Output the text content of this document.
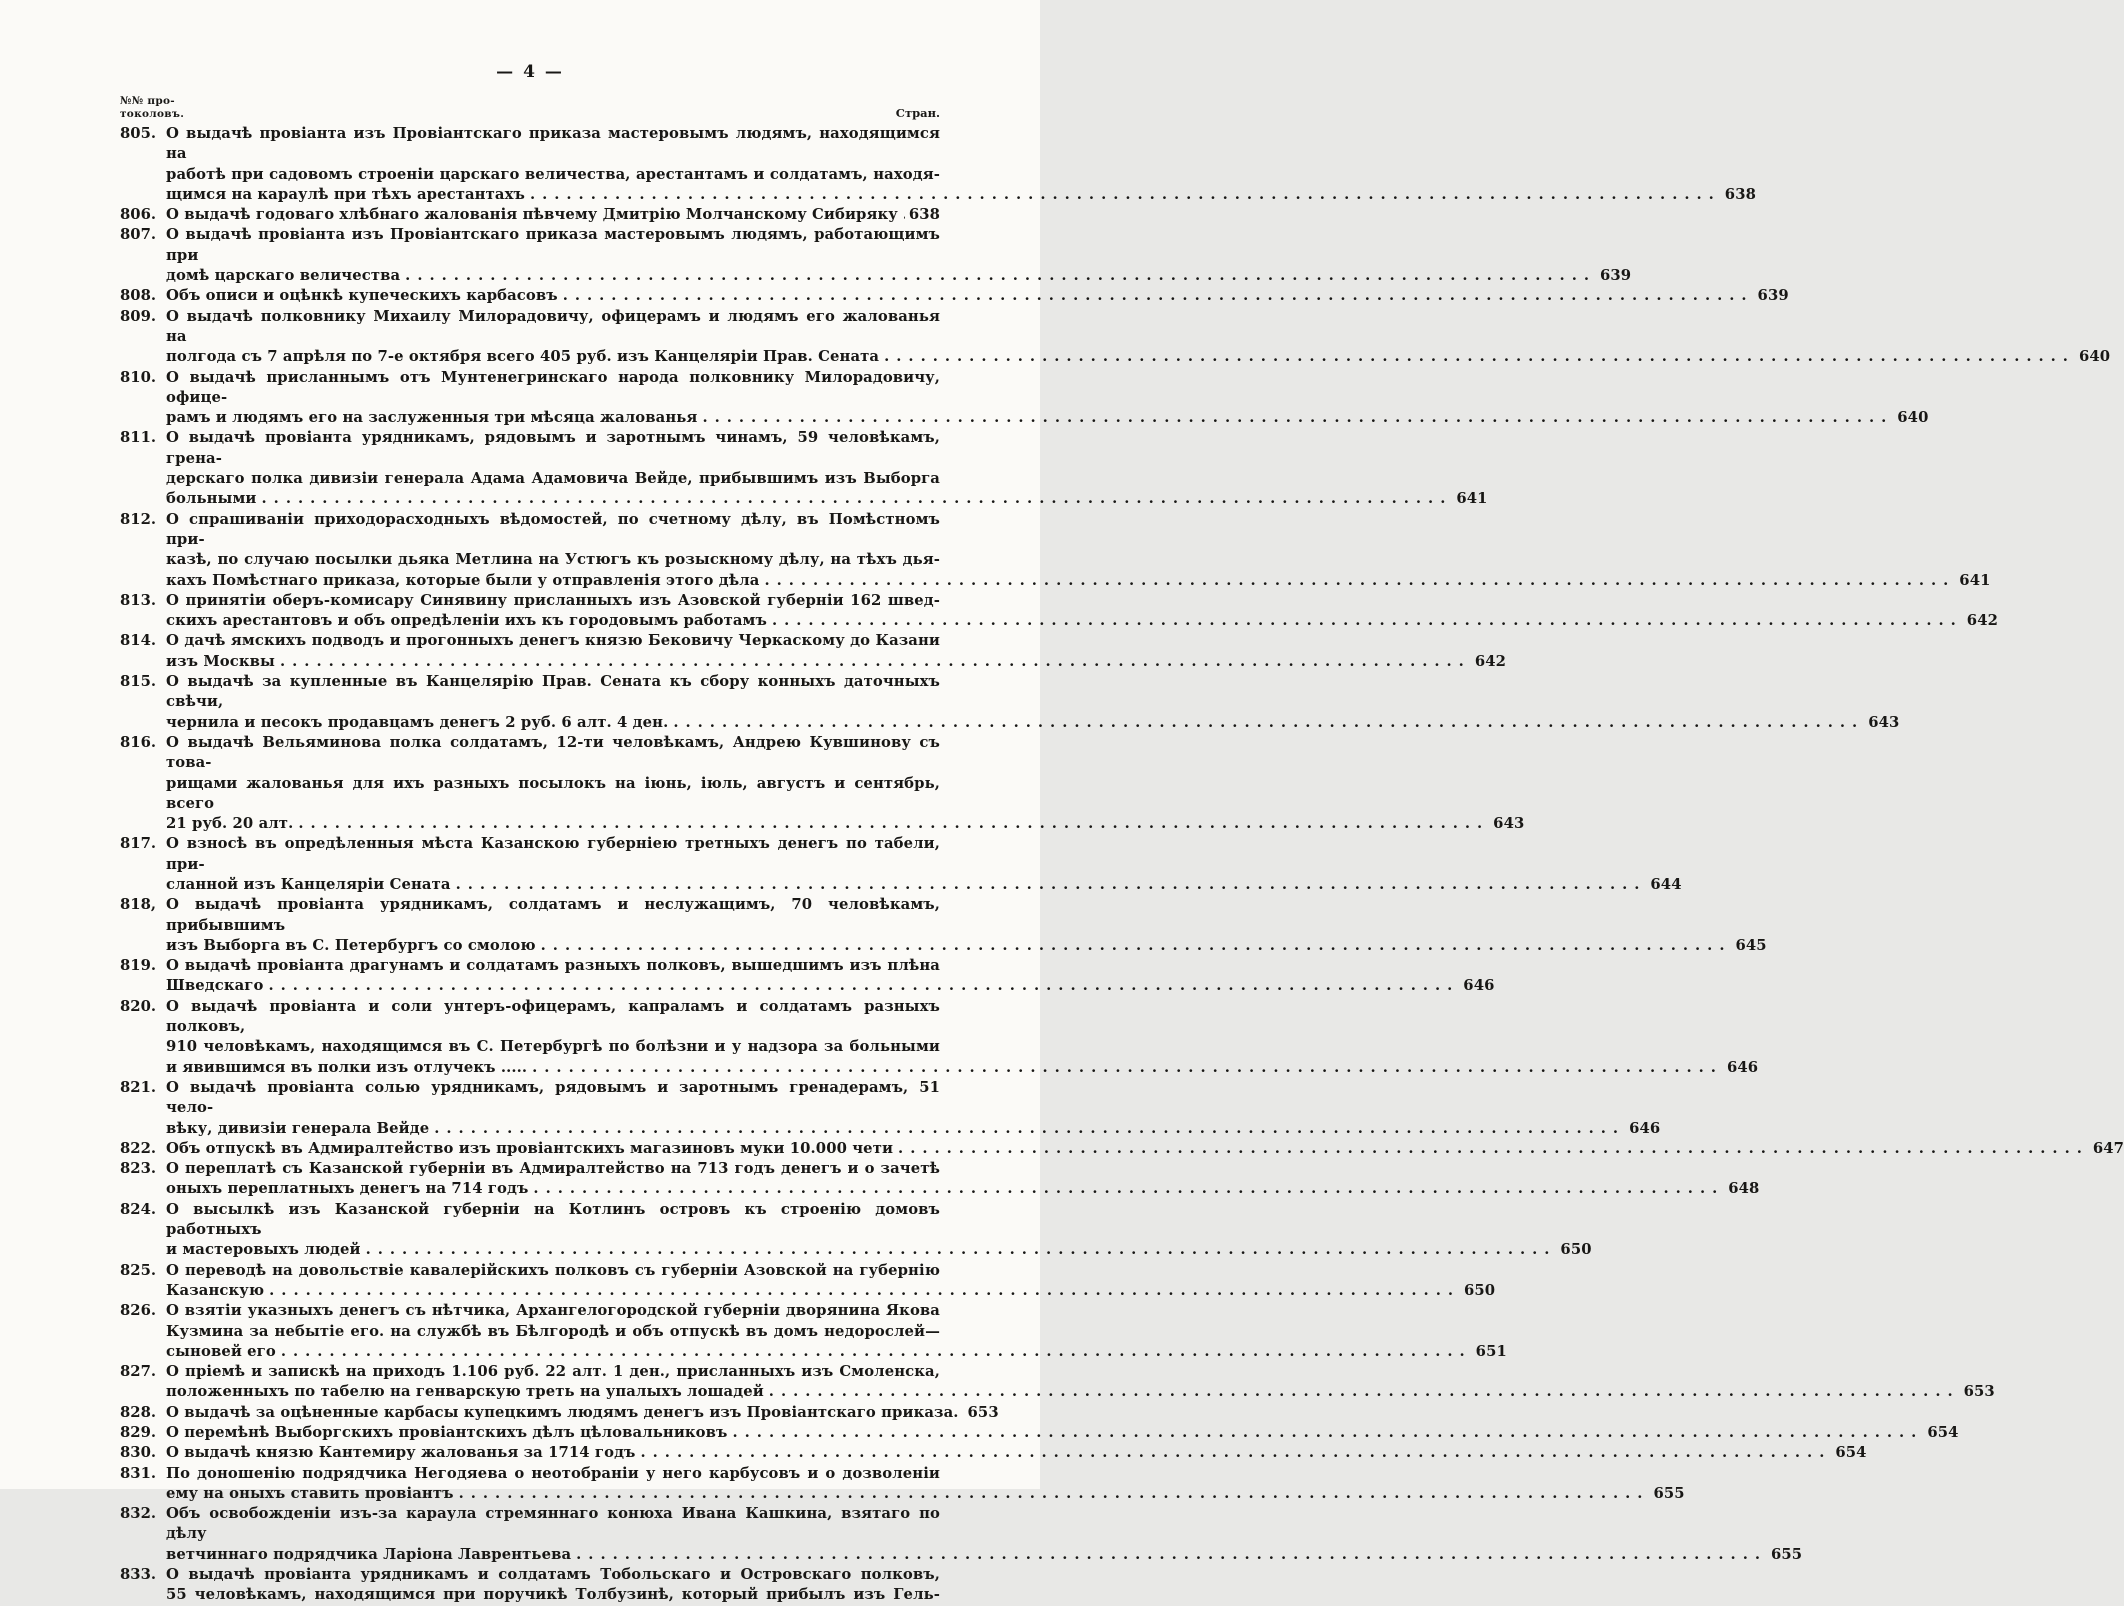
— 4 —
№№ про-
токоловъ.	Стран.
805. О выдачѣ провіанта изъ Провіантскаго приказа мастеровымъ людямъ, находящимся на
работѣ при садовомъ строеніи царскаго величества, арестантамъ и солдатамъ, находя-
щимся на караулѣ при тѣхъ арестантахъ .....	638
806. О выдачѣ годоваго хлѣбнаго жалованія пѣвчему Дмитрію Молчанскому Сибиряку ..... 638
807. О выдачѣ провіанта изъ Провіантскаго приказа мастеровымъ людямъ, работающимъ при
домѣ царскаго величества .....	639
808. Объ описи и оцѣнкѣ купеческихъ карбасовъ .....	639
809. О выдачѣ полковнику Михаилу Милорадовичу, офицерамъ и людямъ его жалованья на
полгода съ 7 апрѣля по 7-е октября всего 405 руб. изъ Канцеляріи Прав. Сената .....	640
810. О выдачѣ присланнымъ отъ Мунтенегринскаго народа полковнику Милорадовичу, офице-
рамъ и людямъ его на заслуженныя три мѣсяца жалованья .....	640
811. О выдачѣ провіанта урядникамъ, рядовымъ и заротнымъ чинамъ, 59 человѣкамъ, грена-
дерскаго полка дивизіи генерала Адама Адамовича Вейде, прибывшимъ изъ Выборга
больными .....	641
812. О спрашиваніи приходорасходныхъ вѣдомостей, по счетному дѣлу, въ Помѣстномъ при-
казѣ, по случаю посылки дьяка Метлина на Устюгъ къ розыскному дѣлу, на тѣхъ дья-
кахъ Помѣстнаго приказа, которые были у отправленія этого дѣла .....	641
813. О принятіи оберъ-комисару Синявину присланныхъ изъ Азовской губерніи 162 швед-
скихъ арестантовъ и объ опредѣленіи ихъ къ городовымъ работамъ .....	642
814. О дачѣ ямскихъ подводъ и прогонныхъ денегъ князю Бековичу Черкаскому до Казани
изъ Москвы .....	642
815. О выдачѣ за купленные въ Канцелярію Прав. Сената къ сбору конныхъ даточныхъ свѣчи,
чернила и песокъ продавцамъ денегъ 2 руб. 6 алт. 4 ден. .....	643
816. О выдачѣ Вельяминова полка солдатамъ, 12-ти человѣкамъ, Андрею Кувшинову съ това-
рищами жалованья для ихъ разныхъ посылокъ на іюнь, іюль, августъ и сентябрь, всего
21 руб. 20 алт. .....	643
817. О взносѣ въ опредѣленныя мѣста Казанскою губерніею третныхъ денегъ по табели, при-
сланной изъ Канцеляріи Сената .....	644
818, О выдачѣ провіанта урядникамъ, солдатамъ и неслужащимъ, 70 человѣкамъ, прибывшимъ
изъ Выборга въ С. Петербургъ со смолою .....	645
819. О выдачѣ провіанта драгунамъ и солдатамъ разныхъ полковъ, вышедшимъ изъ плѣна
Шведскаго .....	646
820. О выдачѣ провіанта и соли унтеръ-офицерамъ, капраламъ и солдатамъ разныхъ полковъ,
910 человѣкамъ, находящимся въ С. Петербургѣ по болѣзни и у надзора за больными
и явившимся въ полки изъ отлучекъ ..... .....	646
821. О выдачѣ провіанта солью урядникамъ, рядовымъ и заротнымъ гренадерамъ, 51 чело-
вѣку, дивизіи генерала Вейде .....	646
822. Объ отпускѣ въ Адмиралтейство изъ провіантскихъ магазиновъ муки 10.000 чети .....	647
823. О переплатѣ съ Казанской губерніи въ Адмиралтейство на 713 годъ денегъ и о зачетѣ
оныхъ переплатныхъ денегъ на 714 годъ .....	648
824. О высылкѣ изъ Казанской губерніи на Котлинъ островъ къ строенію домовъ работныхъ
и мастеровыхъ людей .....	650
825. О переводѣ на довольствіе кавалерійскихъ полковъ съ губерніи Азовской на губернію
Казанскую .....	650
826. О взятіи указныхъ денегъ съ нѣтчика, Архангелогородской губерніи дворянина Якова
Кузмина за небытіе его. на службѣ въ Бѣлгородѣ и объ отпускѣ въ домъ недорослей—
сыновей его .....	651
827. О пріемѣ и запискѣ на приходъ 1.106 руб. 22 алт. 1 ден., присланныхъ изъ Смоленска,
положенныхъ по табелю на генварскую треть на упалыхъ лошадей .....	653
828. О выдачѣ за оцѣненные карбасы купецкимъ людямъ денегъ изъ Провіантскаго приказа. 653
829. О перемѣнѣ Выборгскихъ провіантскихъ дѣлъ цѣловальниковъ .....	654
830. О выдачѣ князю Кантемиру жалованья за 1714 годъ .....	654
831. По доношенію подрядчика Негодяева о неотобраніи у него карбусовъ и о дозволеніи
ему на оныхъ ставить провіантъ .....	655
832. Объ освобожденіи изъ-за караула стремяннаго конюха Ивана Кашкина, взятаго по дѣлу
ветчиннаго подрядчика Ларіона Лаврентьева .....	655
833. О выдачѣ провіанта урядникамъ и солдатамъ Тобольскаго и Островскаго полковъ,
55 человѣкамъ, находящимся при поручикѣ Толбузинѣ, который прибылъ изъ Гель-
